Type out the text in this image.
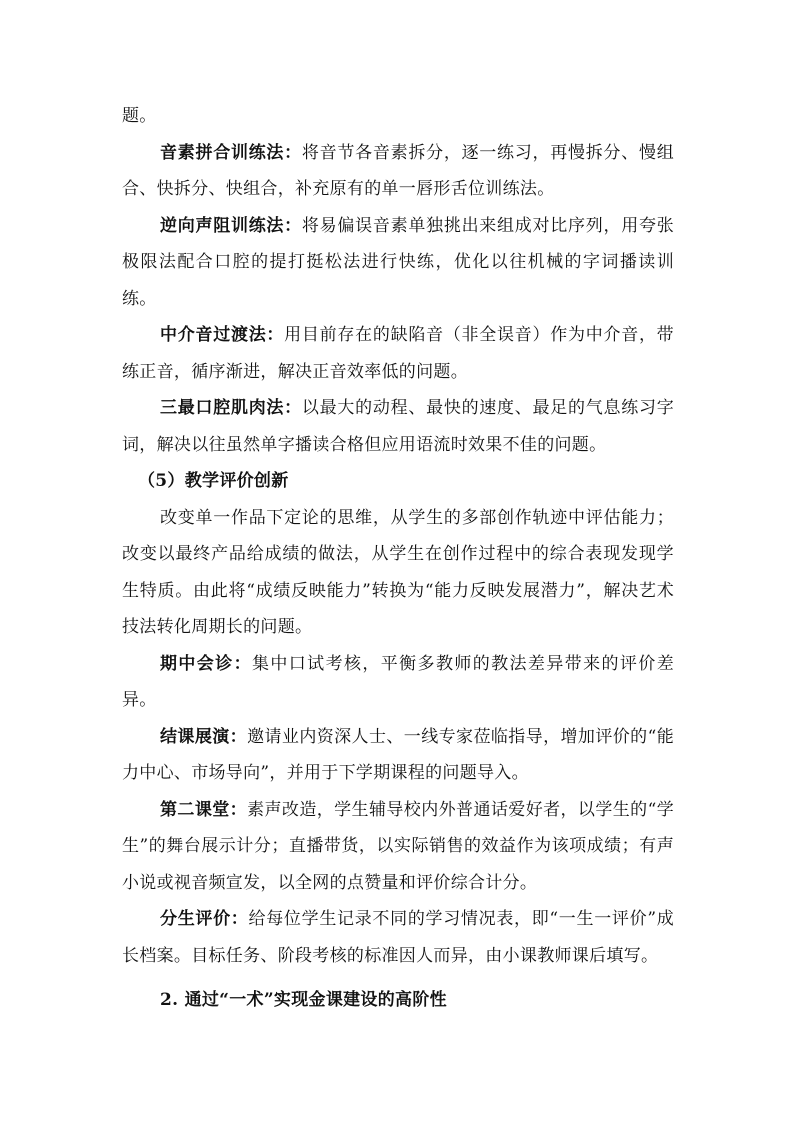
题。

音素拼合训练法：将音节各音素拆分，逐一练习，再慢拆分、慢组合、快拆分、快组合，补充原有的单一唇形舌位训练法。

逆向声阻训练法：将易偏误音素单独挑出来组成对比序列，用夸张极限法配合口腔的提打挺松法进行快练，优化以往机械的字词播读训练。

中介音过渡法：用目前存在的缺陷音（非全误音）作为中介音，带练正音，循序渐进，解决正音效率低的问题。

三最口腔肌肉法：以最大的动程、最快的速度、最足的气息练习字词，解决以往虽然单字播读合格但应用语流时效果不佳的问题。

（5）教学评价创新

改变单一作品下定论的思维，从学生的多部创作轨迹中评估能力；改变以最终产品给成绩的做法，从学生在创作过程中的综合表现发现学生特质。由此将“成绩反映能力”转换为“能力反映发展潜力”，解决艺术技法转化周期长的问题。

期中会诊：集中口试考核，平衡多教师的教法差异带来的评价差异。

结课展演：邀请业内资深人士、一线专家莅临指导，增加评价的“能力中心、市场导向”，并用于下学期课程的问题导入。

第二课堂：素声改造，学生辅导校内外普通话爱好者，以学生的“学生”的舞台展示计分；直播带货，以实际销售的效益作为该项成绩；有声小说或视音频宣发，以全网的点赞量和评价综合计分。

分生评价：给每位学生记录不同的学习情况表，即“一生一评价”成长档案。目标任务、阶段考核的标准因人而异，由小课教师课后填写。

2. 通过“一术”实现金课建设的高阶性
